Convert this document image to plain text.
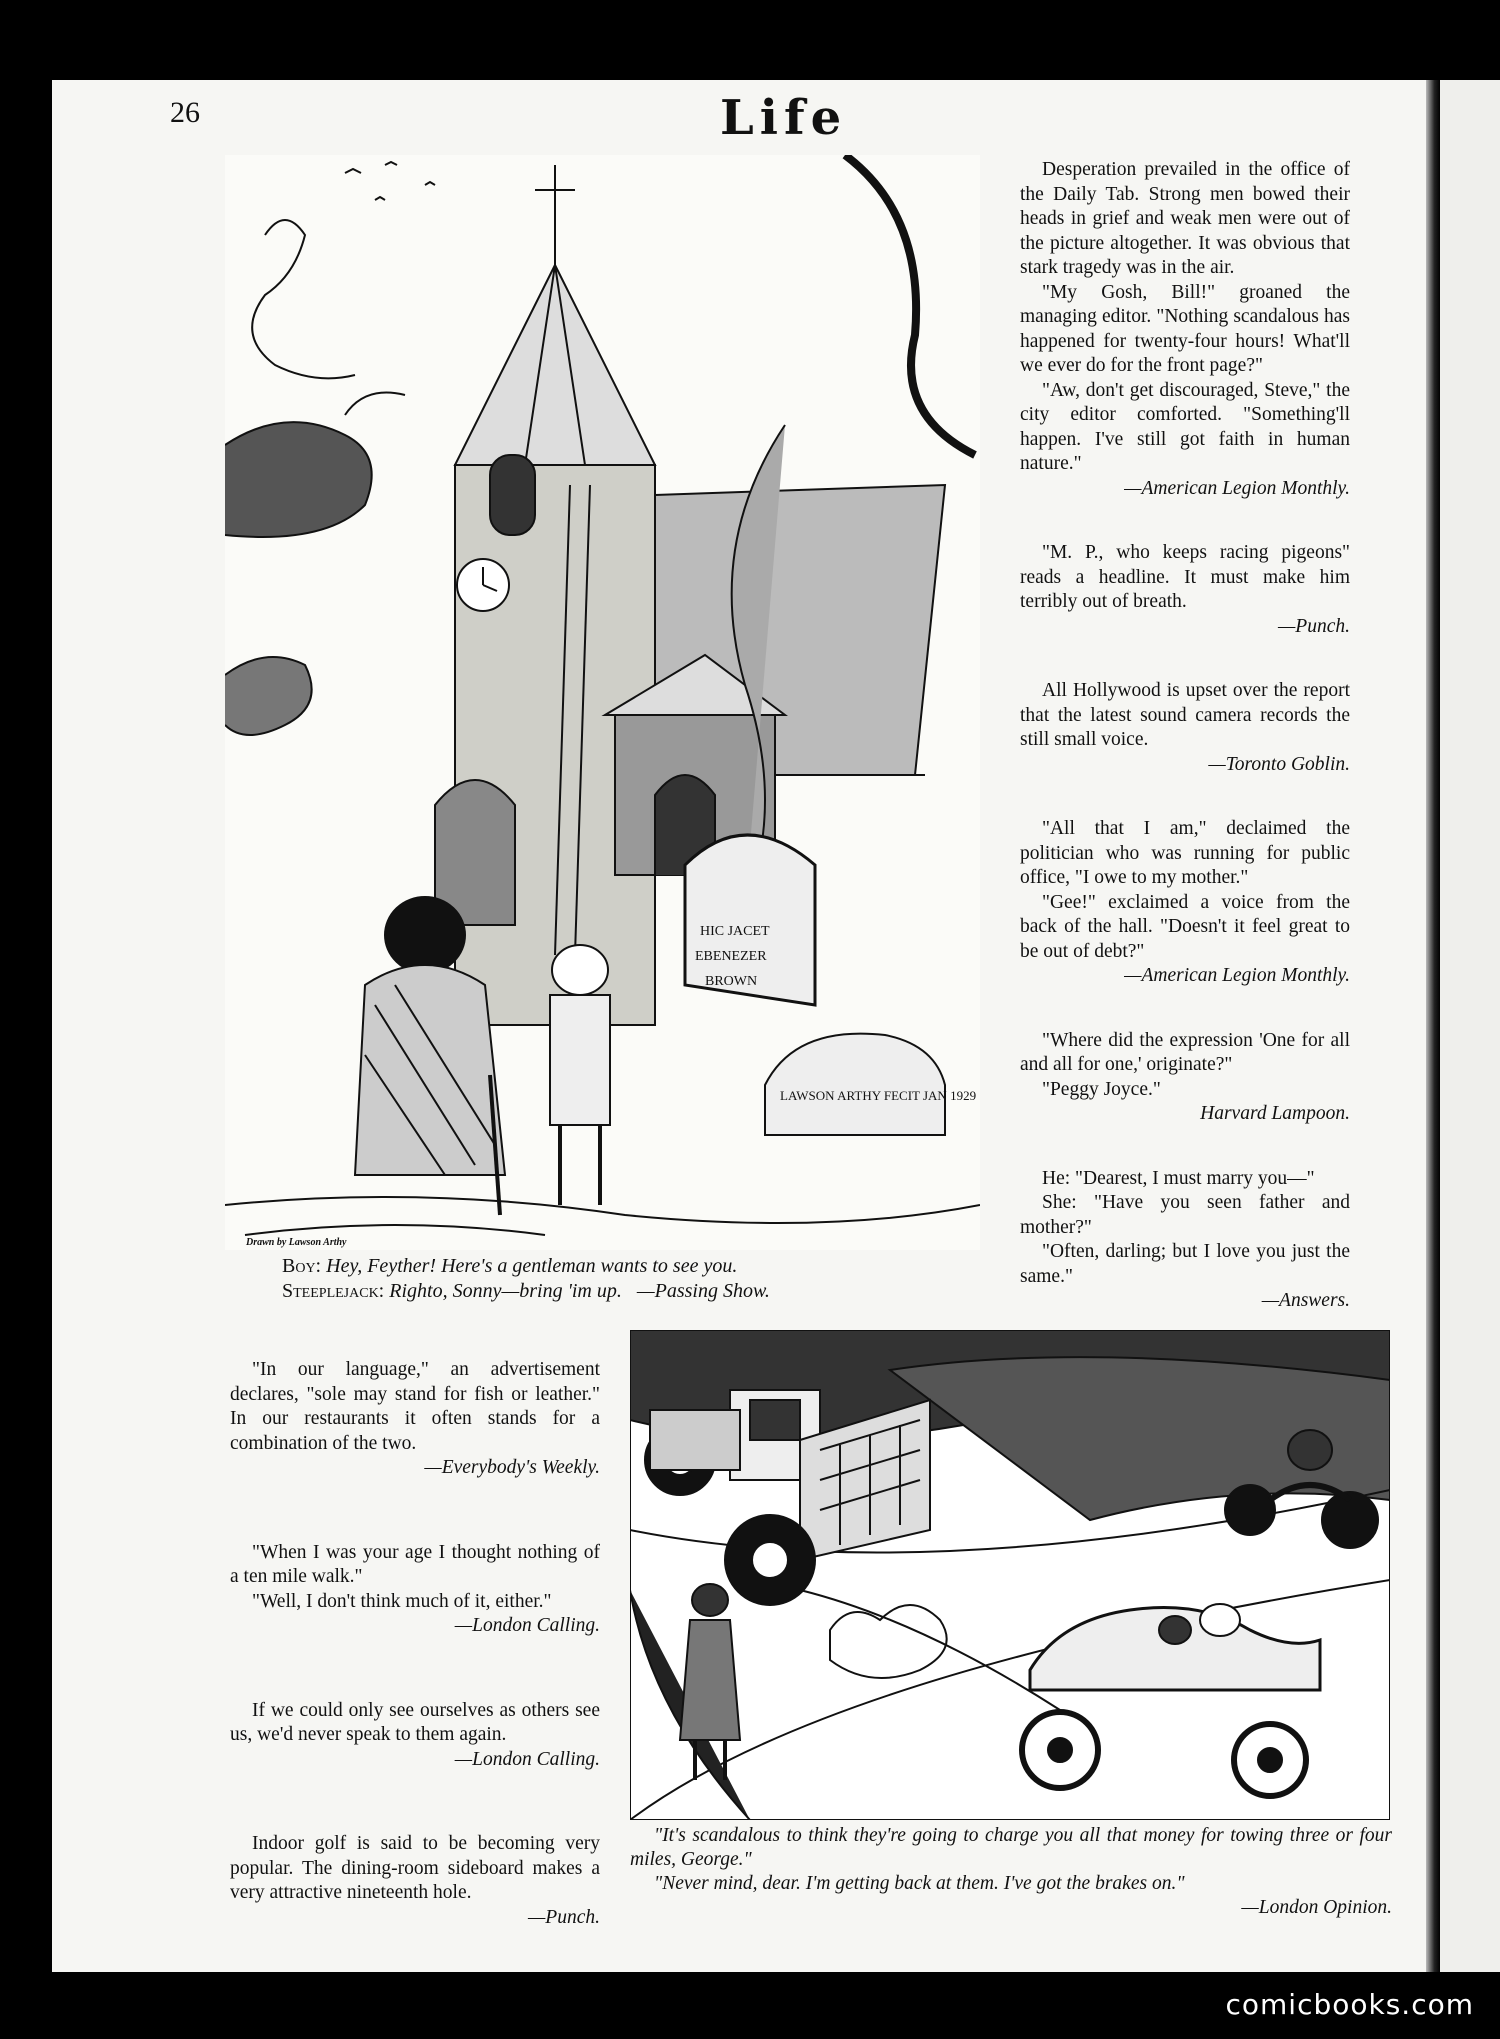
26	Life
HIC JACET
EBENEZER
BROWN
LAWSON ARTHY FECIT JAN 1929
Drawn by Lawson Arthy
Boy: Hey, Feyther! Here's a gentleman wants to see you.
Steeplejack: Righto, Sonny—bring 'im up. —Passing Show.

Desperation prevailed in the office of the Daily Tab. Strong men bowed their heads in grief and weak men were out of the picture altogether. It was obvious that stark tragedy was in the air.

"My Gosh, Bill!" groaned the managing editor. "Nothing scandalous has happened for twenty-four hours! What'll we ever do for the front page?"

"Aw, don't get discouraged, Steve," the city editor comforted. "Something'll happen. I've still got faith in human nature."

—American Legion Monthly.

"M. P., who keeps racing pigeons" reads a headline. It must make him terribly out of breath.

—Punch.

All Hollywood is upset over the report that the latest sound camera records the still small voice.

—Toronto Goblin.

"All that I am," declaimed the politician who was running for public office, "I owe to my mother."

"Gee!" exclaimed a voice from the back of the hall. "Doesn't it feel great to be out of debt?"

—American Legion Monthly.

"Where did the expression 'One for all and all for one,' originate?"

"Peggy Joyce."

Harvard Lampoon.

He: "Dearest, I must marry you—"

She: "Have you seen father and mother?"

"Often, darling; but I love you just the same."

—Answers.

"In our language," an advertisement declares, "sole may stand for fish or leather." In our restaurants it often stands for a combination of the two.

—Everybody's Weekly.

"When I was your age I thought nothing of a ten mile walk."

"Well, I don't think much of it, either."

—London Calling.

If we could only see ourselves as others see us, we'd never speak to them again.

—London Calling.

Indoor golf is said to be becoming very popular. The dining-room sideboard makes a very attractive nineteenth hole.

—Punch.

"It's scandalous to think they're going to charge you all that money for towing three or four miles, George."
"Never mind, dear. I'm getting back at them. I've got the brakes on."
—London Opinion.
comicbooks.com
